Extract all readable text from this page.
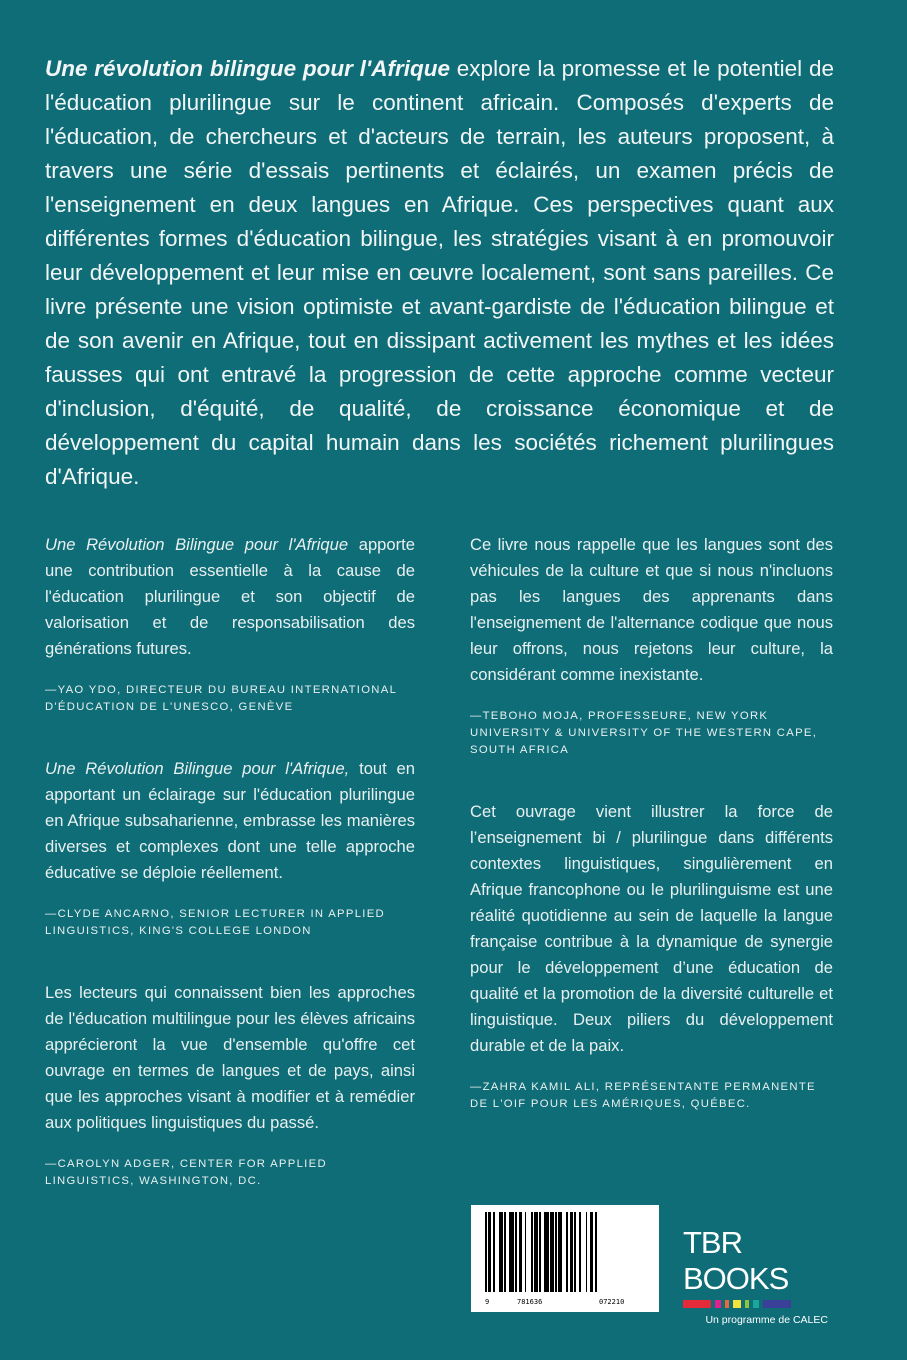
Une révolution bilingue pour l'Afrique explore la promesse et le potentiel de l'éducation plurilingue sur le continent africain. Composés d'experts de l'éducation, de chercheurs et d'acteurs de terrain, les auteurs proposent, à travers une série d'essais pertinents et éclairés, un examen précis de l'enseignement en deux langues en Afrique. Ces perspectives quant aux différentes formes d'éducation bilingue, les stratégies visant à en promouvoir leur développement et leur mise en œuvre localement, sont sans pareilles. Ce livre présente une vision optimiste et avant-gardiste de l'éducation bilingue et de son avenir en Afrique, tout en dissipant activement les mythes et les idées fausses qui ont entravé la progression de cette approche comme vecteur d'inclusion, d'équité, de qualité, de croissance économique et de développement du capital humain dans les sociétés richement plurilingues d'Afrique.
Une Révolution Bilingue pour l'Afrique apporte une contribution essentielle à la cause de l'éducation plurilingue et son objectif de valorisation et de responsabilisation des générations futures.
—YAO YDO, DIRECTEUR DU BUREAU INTERNATIONAL D'ÉDUCATION DE L'UNESCO, GENÈVE
Une Révolution Bilingue pour l'Afrique, tout en apportant un éclairage sur l'éducation plurilingue en Afrique subsaharienne, embrasse les manières diverses et complexes dont une telle approche éducative se déploie réellement.
—CLYDE ANCARNO, SENIOR LECTURER IN APPLIED LINGUISTICS, KING'S COLLEGE LONDON
Les lecteurs qui connaissent bien les approches de l'éducation multilingue pour les élèves africains apprécieront la vue d'ensemble qu'offre cet ouvrage en termes de langues et de pays, ainsi que les approches visant à modifier et à remédier aux politiques linguistiques du passé.
—CAROLYN ADGER, CENTER FOR APPLIED LINGUISTICS, WASHINGTON, DC.
Ce livre nous rappelle que les langues sont des véhicules de la culture et que si nous n'incluons pas les langues des apprenants dans l'enseignement de l'alternance codique que nous leur offrons, nous rejetons leur culture, la considérant comme inexistante.
—TEBOHO MOJA, PROFESSEURE, NEW YORK UNIVERSITY & UNIVERSITY OF THE WESTERN CAPE, SOUTH AFRICA
Cet ouvrage vient illustrer la force de l’enseignement bi / plurilingue dans différents contextes linguistiques, singulièrement en Afrique francophone ou le plurilinguisme est une réalité quotidienne au sein de laquelle la langue française contribue à la dynamique de synergie pour le développement d’une éducation de qualité et la promotion de la diversité culturelle et linguistique. Deux piliers du développement durable et de la paix.
—ZAHRA KAMIL ALI, REPRÉSENTANTE PERMANENTE DE L'OIF POUR LES AMÉRIQUES, QUÉBEC.
9	781636	072210
TBR BOOKS
Un programme de CALEC
